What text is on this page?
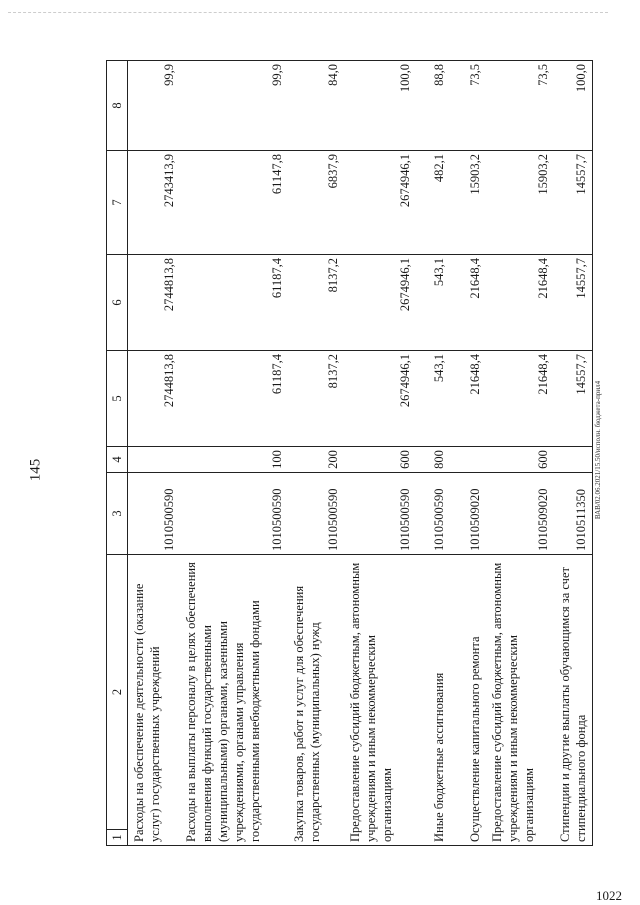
145	ВАВ/02.06.2021/15.50/исполн. бюджета-прил4
1022
1	2	3	4	5	6	7	8
Расходы на обеспечение деятельности (оказание услуг) государственных учреждений		1010500590		2744813,8	2744813,8	2743413,9	99,9
Расходы на выплаты персоналу в целях обеспечения выполнения функций государственными (муниципальными) органами, казенными учреждениями, органами управления государственными внебюджетными фондами		1010500590	100	61187,4	61187,4	61147,8	99,9
Закупка товаров, работ и услуг для обеспечения государственных (муниципальных) нужд		1010500590	200	8137,2	8137,2	6837,9	84,0
Предоставление субсидий бюджетным, автономным учреждениям и иным некоммерческим организациям		1010500590	600	2674946,1	2674946,1	2674946,1	100,0
Иные бюджетные ассигнования		1010500590	800	543,1	543,1	482,1	88,8
Осуществление капитального ремонта		1010509020		21648,4	21648,4	15903,2	73,5
Предоставление субсидий бюджетным, автономным учреждениям и иным некоммерческим организациям		1010509020	600	21648,4	21648,4	15903,2	73,5
Стипендии и другие выплаты обучающимся за счет стипендиального фонда		1010511350		14557,7	14557,7	14557,7	100,0
